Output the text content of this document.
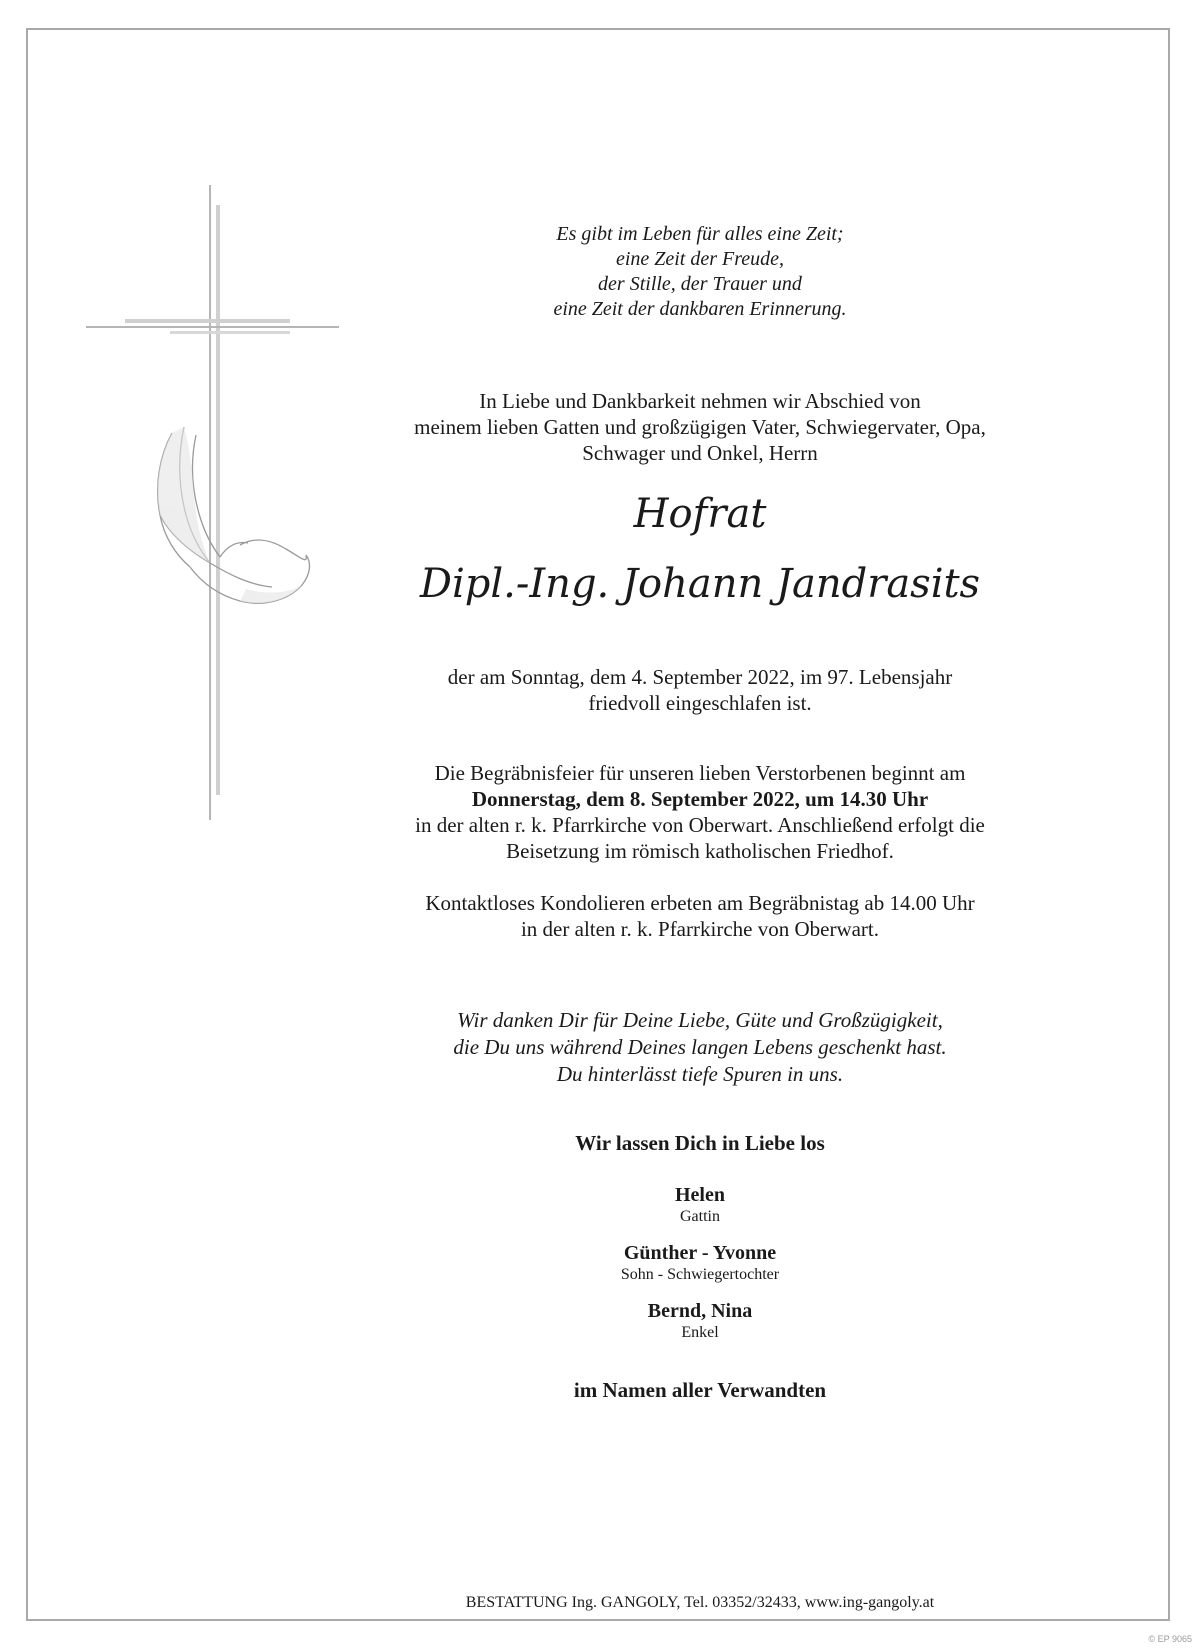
Es gibt im Leben für alles eine Zeit;

eine Zeit der Freude,

der Stille, der Trauer und

eine Zeit der dankbaren Erinnerung.

In Liebe und Dankbarkeit nehmen wir Abschied von

meinem lieben Gatten und großzügigen Vater, Schwiegervater, Opa,

Schwager und Onkel, Herrn

Hofrat
Dipl.-Ing. Johann Jandrasits

der am Sonntag, dem 4. September 2022, im 97. Lebensjahr

friedvoll eingeschlafen ist.

Die Begräbnisfeier für unseren lieben Verstorbenen beginnt am

Donnerstag, dem 8. September 2022, um 14.30 Uhr

in der alten r. k. Pfarrkirche von Oberwart. Anschließend erfolgt die

Beisetzung im römisch katholischen Friedhof.

Kontaktloses Kondolieren erbeten am Begräbnistag ab 14.00 Uhr

in der alten r. k. Pfarrkirche von Oberwart.

Wir danken Dir für Deine Liebe, Güte und Großzügigkeit,

die Du uns während Deines langen Lebens geschenkt hast.

Du hinterlässt tiefe Spuren in uns.

Wir lassen Dich in Liebe los

Helen

Gattin

Günther - Yvonne

Sohn - Schwiegertochter

Bernd, Nina

Enkel

im Namen aller Verwandten

BESTATTUNG Ing. GANGOLY, Tel. 03352/32433, www.ing-gangoly.at
© EP 9065
